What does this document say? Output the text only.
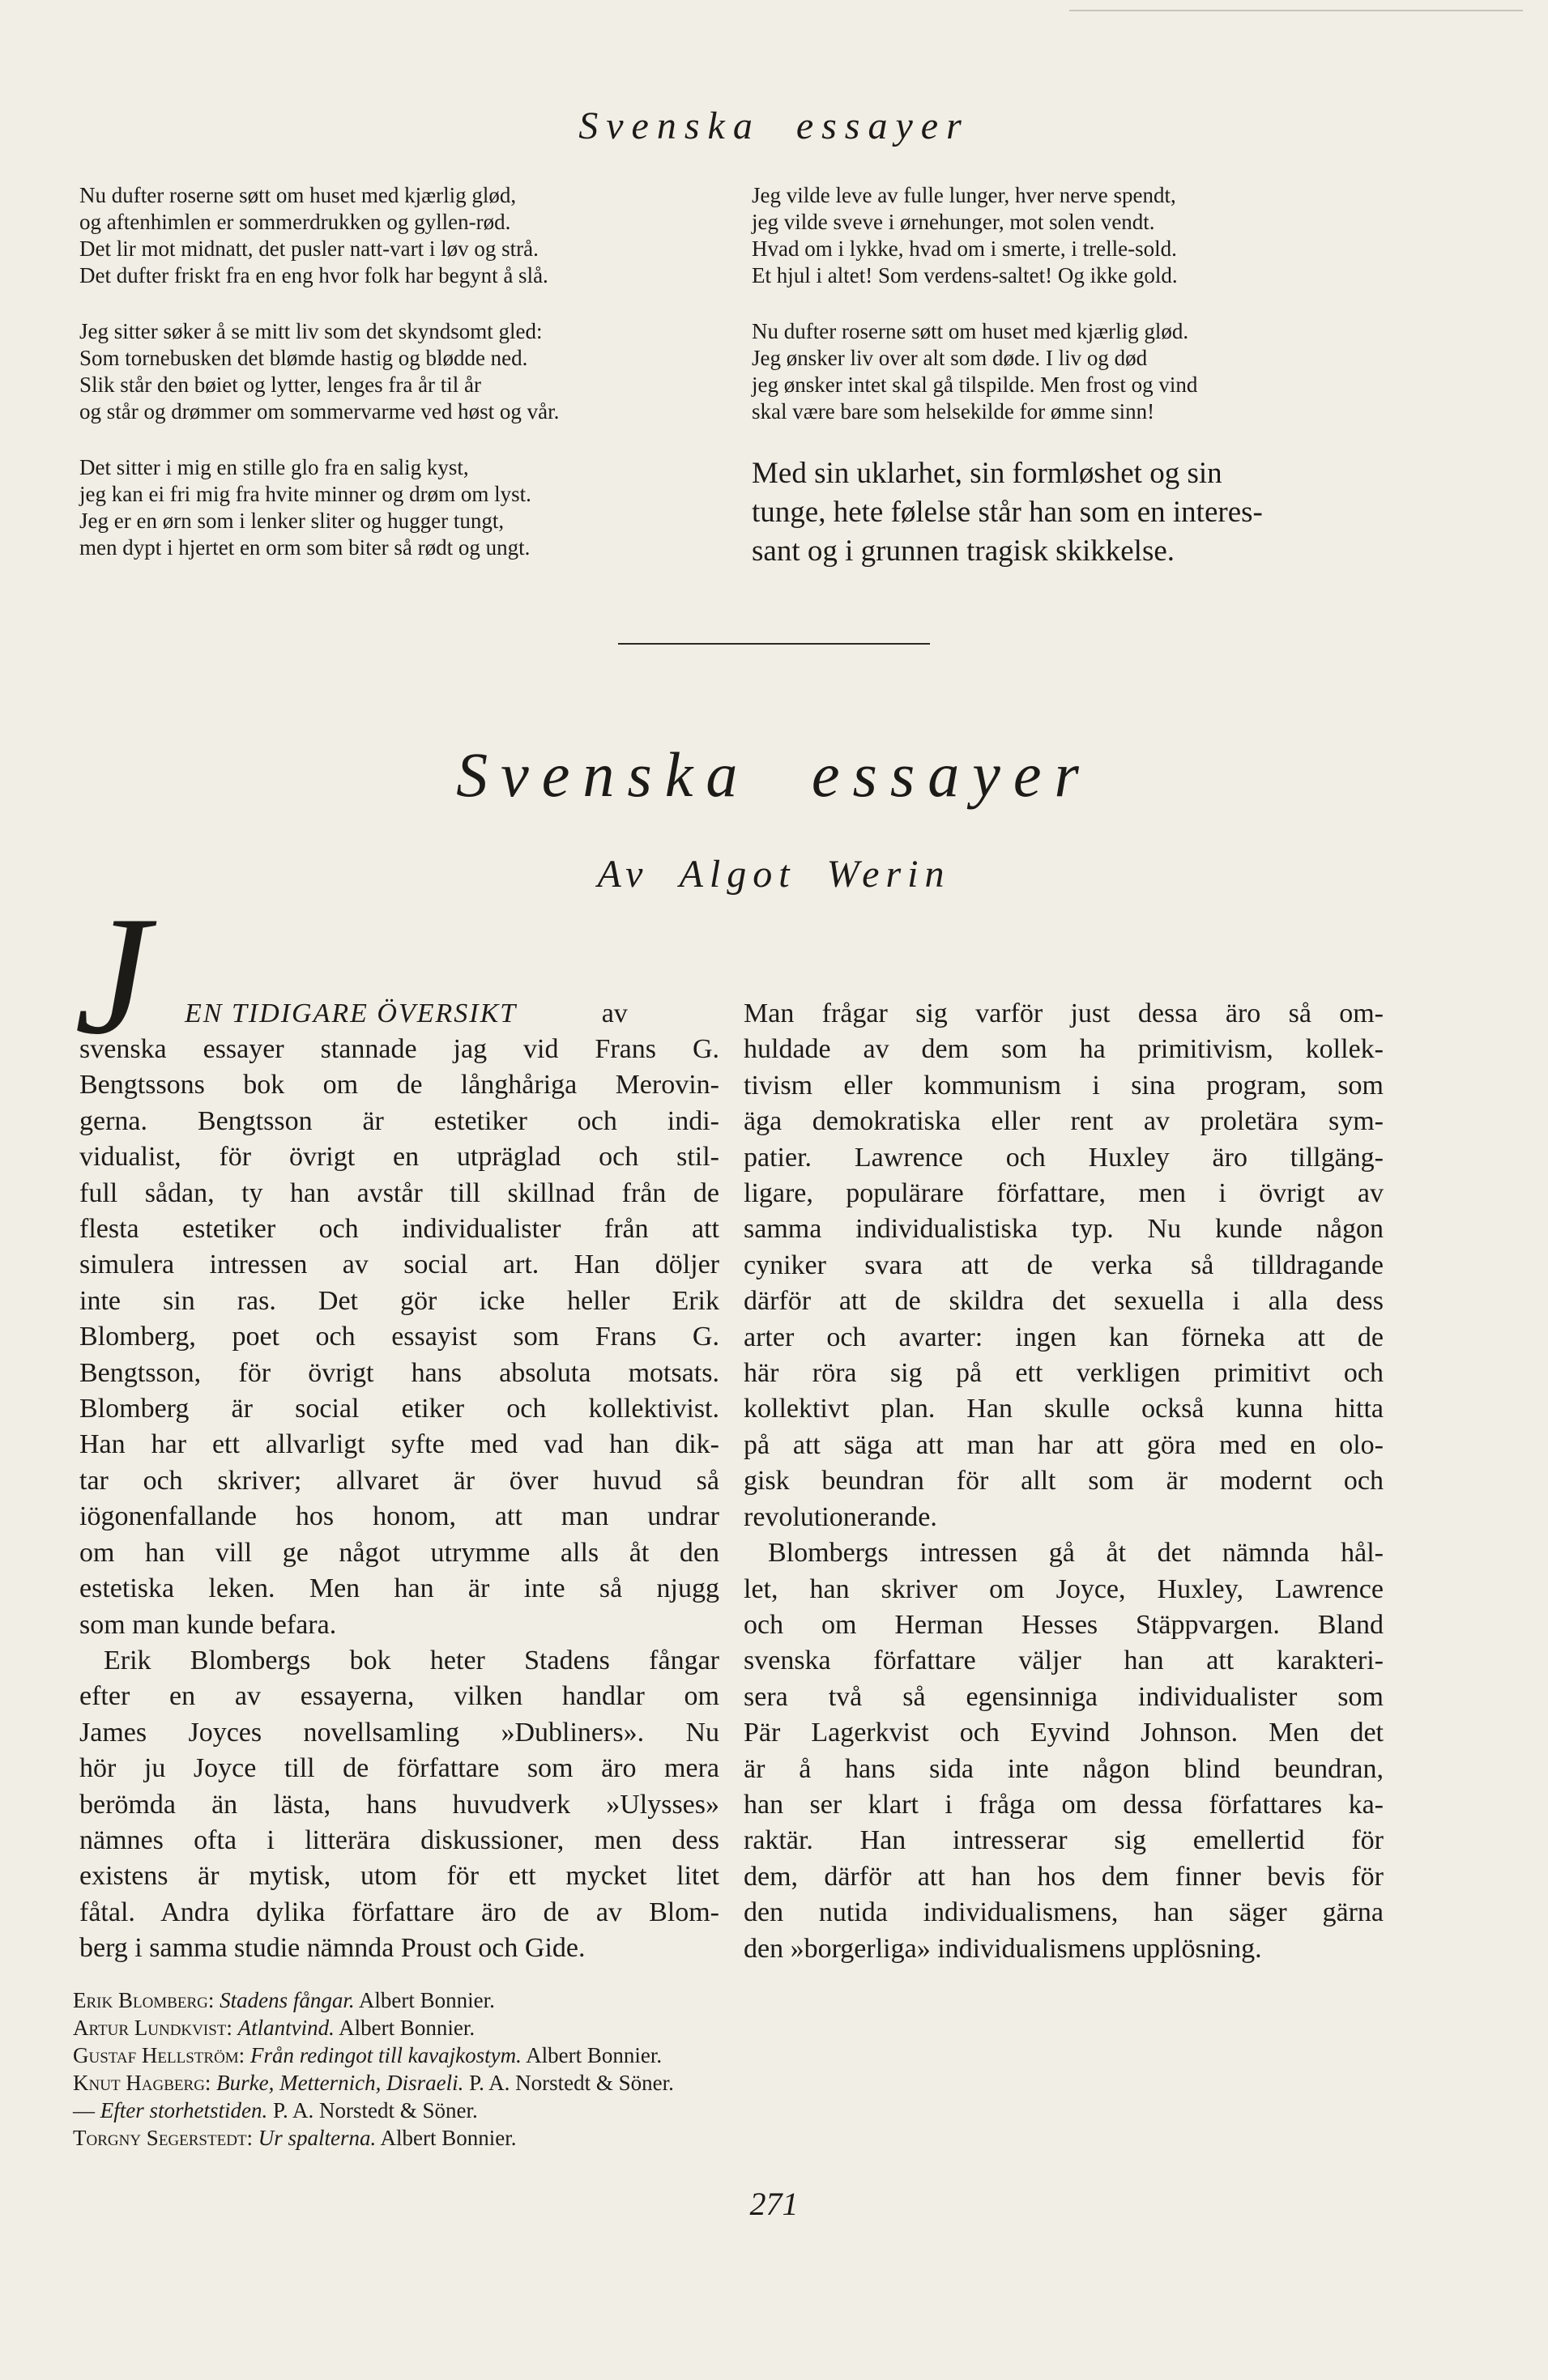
Svenska essayer
Nu dufter roserne søtt om huset med kjærlig glød,
og aftenhimlen er sommerdrukken og gyllen-rød.
Det lir mot midnatt, det pusler natt-vart i løv og strå.
Det dufter friskt fra en eng hvor folk har begynt å slå.
Jeg sitter søker å se mitt liv som det skyndsomt gled:
Som tornebusken det blømde hastig og blødde ned.
Slik står den bøiet og lytter, lenges fra år til år
og står og drømmer om sommervarme ved høst og vår.
Det sitter i mig en stille glo fra en salig kyst,
jeg kan ei fri mig fra hvite minner og drøm om lyst.
Jeg er en ørn som i lenker sliter og hugger tungt,
men dypt i hjertet en orm som biter så rødt og ungt.
Jeg vilde leve av fulle lunger, hver nerve spendt,
jeg vilde sveve i ørnehunger, mot solen vendt.
Hvad om i lykke, hvad om i smerte, i trelle-sold.
Et hjul i altet! Som verdens-saltet! Og ikke gold.
Nu dufter roserne søtt om huset med kjærlig glød.
Jeg ønsker liv over alt som døde. I liv og død
jeg ønsker intet skal gå tilspilde. Men frost og vind
skal være bare som helsekilde for ømme sinn!
Med sin uklarhet, sin formløshet og sin
tunge, hete følelse står han som en interes-
sant og i grunnen tragisk skikkelse.
Svenska essayer
Av Algot Werin
J EN TIDIGARE ÖVERSIKT	av
svenska essayer stannade jag vid Frans G.
Bengtssons bok om de långhåriga Merovin-
gerna. Bengtsson är estetiker och indi-
vidualist, för övrigt en utpräglad och stil-
full sådan, ty han avstår till skillnad från de
flesta estetiker och individualister från att
simulera intressen av social art. Han döljer
inte sin ras. Det gör icke heller Erik
Blomberg, poet och essayist som Frans G.
Bengtsson, för övrigt hans absoluta motsats.
Blomberg är social etiker och kollektivist.
Han har ett allvarligt syfte med vad han dik-
tar och skriver; allvaret är över huvud så
iögonenfallande hos honom, att man undrar
om han vill ge något utrymme alls åt den
estetiska leken. Men han är inte så njugg
som man kunde befara.
Erik Blombergs bok heter Stadens fångar
efter en av essayerna, vilken handlar om
James Joyces novellsamling »Dubliners». Nu
hör ju Joyce till de författare som äro mera
berömda än lästa, hans huvudverk »Ulysses»
nämnes ofta i litterära diskussioner, men dess
existens är mytisk, utom för ett mycket litet
fåtal. Andra dylika författare äro de av Blom-
berg i samma studie nämnda Proust och Gide.
Man frågar sig varför just dessa äro så om-
huldade av dem som ha primitivism, kollek-
tivism eller kommunism i sina program, som
äga demokratiska eller rent av proletära sym-
patier. Lawrence och Huxley äro tillgäng-
ligare, populärare författare, men i övrigt av
samma individualistiska typ. Nu kunde någon
cyniker svara att de verka så tilldragande
därför att de skildra det sexuella i alla dess
arter och avarter: ingen kan förneka att de
här röra sig på ett verkligen primitivt och
kollektivt plan. Han skulle också kunna hitta
på att säga att man har att göra med en olo-
gisk beundran för allt som är modernt och
revolutionerande.
Blombergs intressen gå åt det nämnda hål-
let, han skriver om Joyce, Huxley, Lawrence
och om Herman Hesses Stäppvargen. Bland
svenska författare väljer han att karakteri-
sera två så egensinniga individualister som
Pär Lagerkvist och Eyvind Johnson. Men det
är å hans sida inte någon blind beundran,
han ser klart i fråga om dessa författares ka-
raktär. Han intresserar sig emellertid för
dem, därför att han hos dem finner bevis för
den nutida individualismens, han säger gärna
den »borgerliga» individualismens upplösning.
Erik Blomberg: Stadens fångar. Albert Bonnier.
Artur Lundkvist: Atlantvind. Albert Bonnier.
Gustaf Hellström: Från redingot till kavajkostym. Albert Bonnier.
Knut Hagberg: Burke, Metternich, Disraeli. P. A. Norstedt & Söner.
— Efter storhetstiden. P. A. Norstedt & Söner.
Torgny Segerstedt: Ur spalterna. Albert Bonnier.
271
